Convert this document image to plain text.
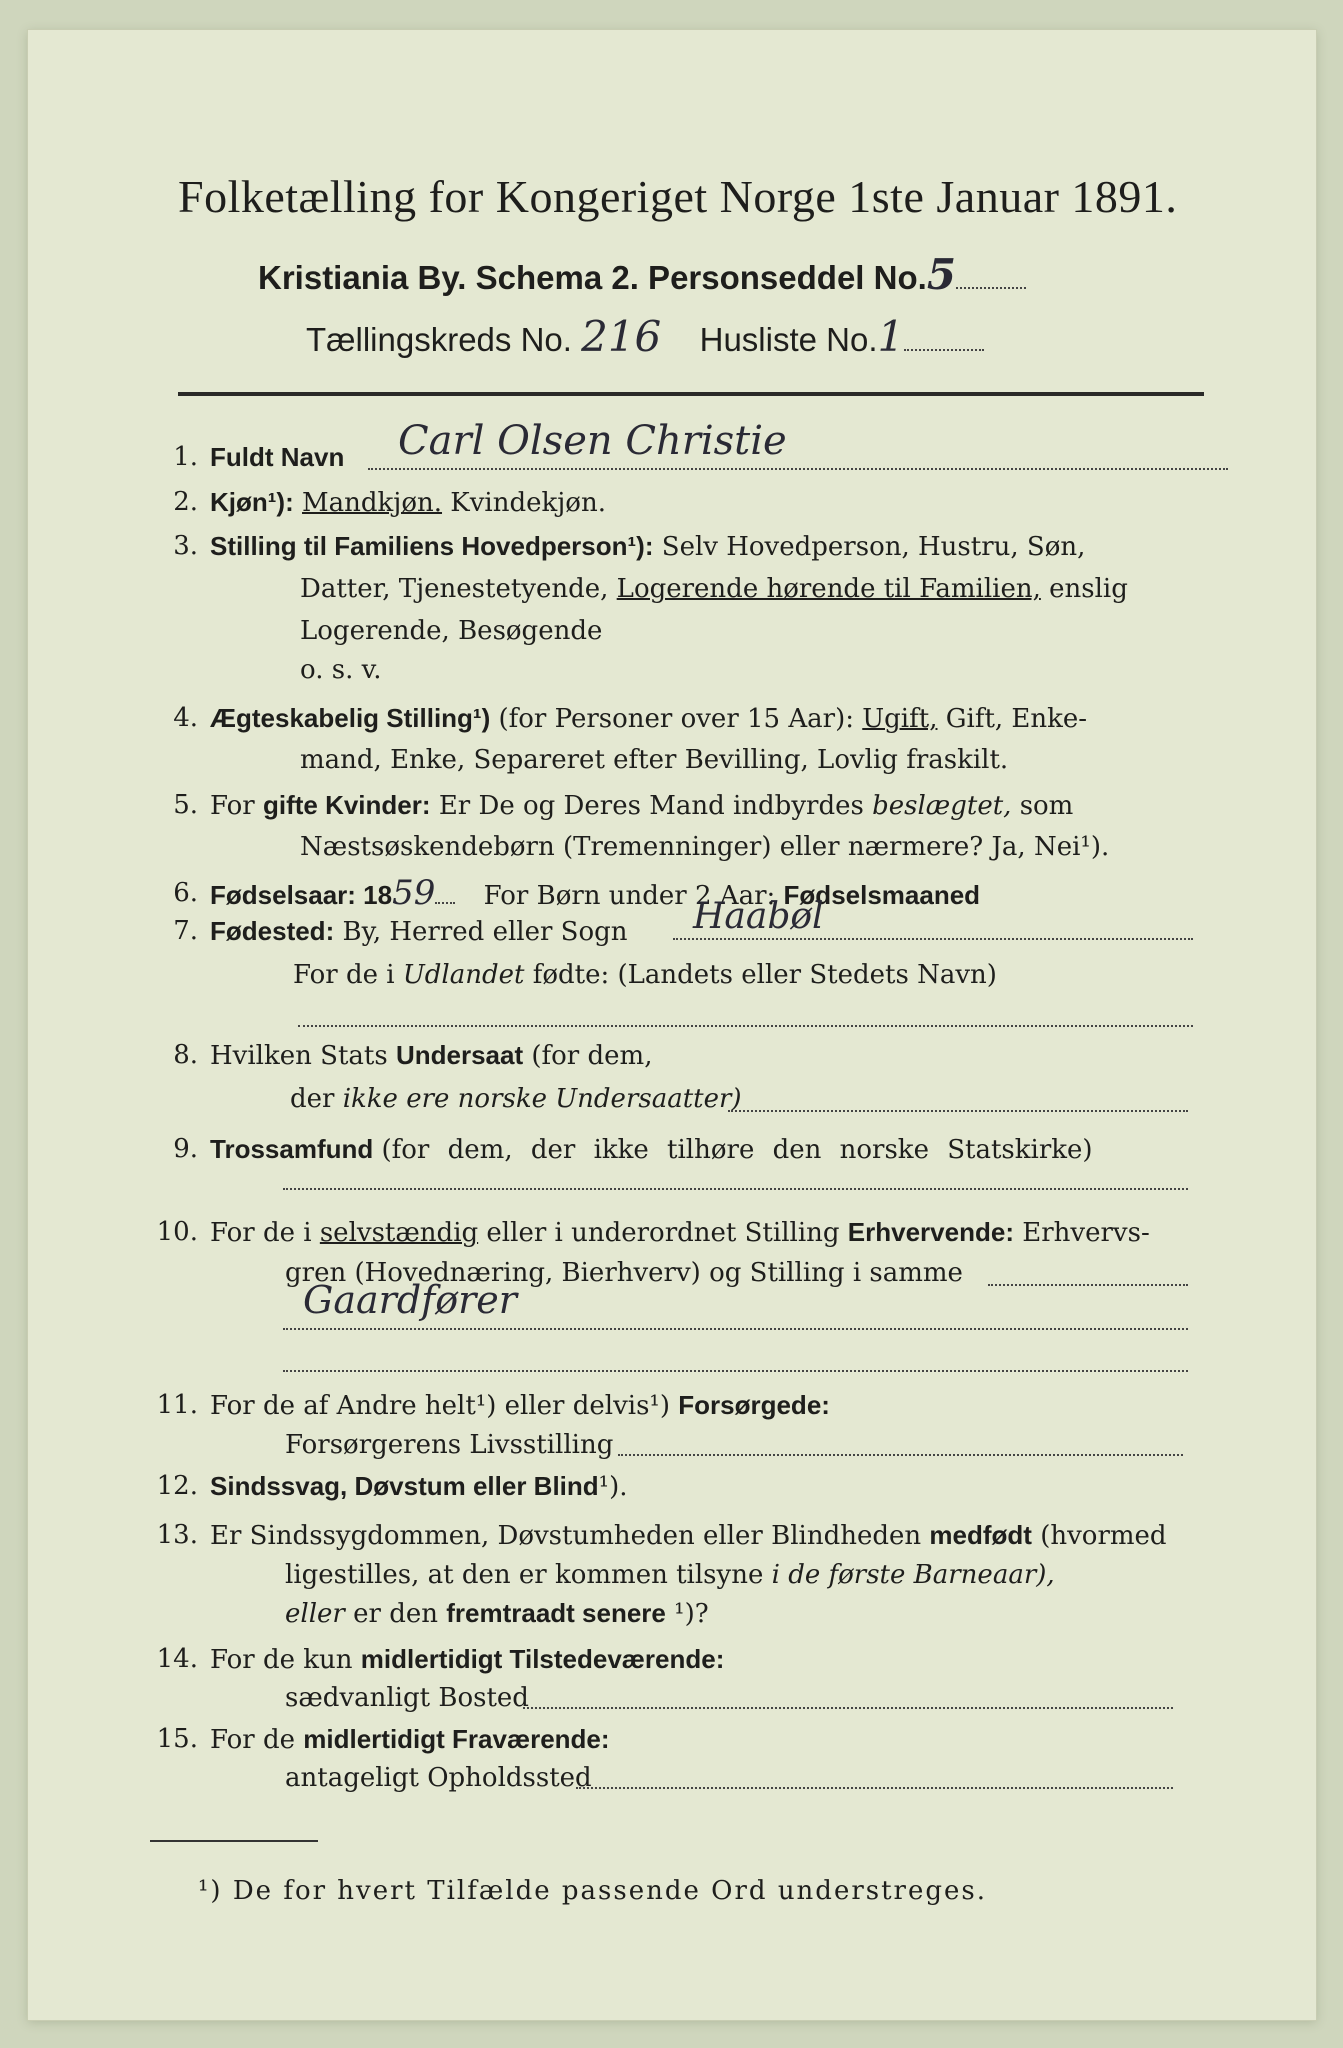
Folketælling for Kongeriget Norge 1ste Januar 1891.
Kristiania By. Schema 2. Personseddel No.5
Tællingskreds No. 216 Husliste No.1
1. Fuldt Navn Carl Olsen Christie
2. Kjøn¹): Mandkjøn. Kvindekjøn.
3. Stilling til Familiens Hovedperson¹): Selv Hovedperson, Hustru, Søn,
Datter, Tjenestetyende, Logerende hørende til Familien, enslig
Logerende, Besøgende
o. s. v.
4. Ægteskabelig Stilling¹) (for Personer over 15 Aar): Ugift, Gift, Enke-
mand, Enke, Separeret efter Bevilling, Lovlig fraskilt.
5. For gifte Kvinder: Er De og Deres Mand indbyrdes beslægtet, som
Næstsøskendebørn (Tremenninger) eller nærmere? Ja, Nei¹).
6. Fødselsaar: 1859 For Børn under 2 Aar: Fødselsmaaned
7. Fødested: By, Herred eller Sogn Haabøl
For de i Udlandet fødte: (Landets eller Stedets Navn)
8. Hvilken Stats Undersaat (for dem,
der ikke ere norske Undersaatter)
9. Trossamfund (for dem, der ikke tilhøre den norske Statskirke)
10. For de i selvstændig eller i underordnet Stilling Erhvervende: Erhvervs-
gren (Hovednæring, Bierhverv) og Stilling i samme
Gaardfører
11. For de af Andre helt¹) eller delvis¹) Forsørgede:
Forsørgerens Livsstilling
12. Sindssvag, Døvstum eller Blind¹).
13. Er Sindssygdommen, Døvstumheden eller Blindheden medfødt (hvormed
ligestilles, at den er kommen tilsyne i de første Barneaar),
eller er den fremtraadt senere ¹)?
14. For de kun midlertidigt Tilstedeværende:
sædvanligt Bosted
15. For de midlertidigt Fraværende:
antageligt Opholdssted
¹) De for hvert Tilfælde passende Ord understreges.
